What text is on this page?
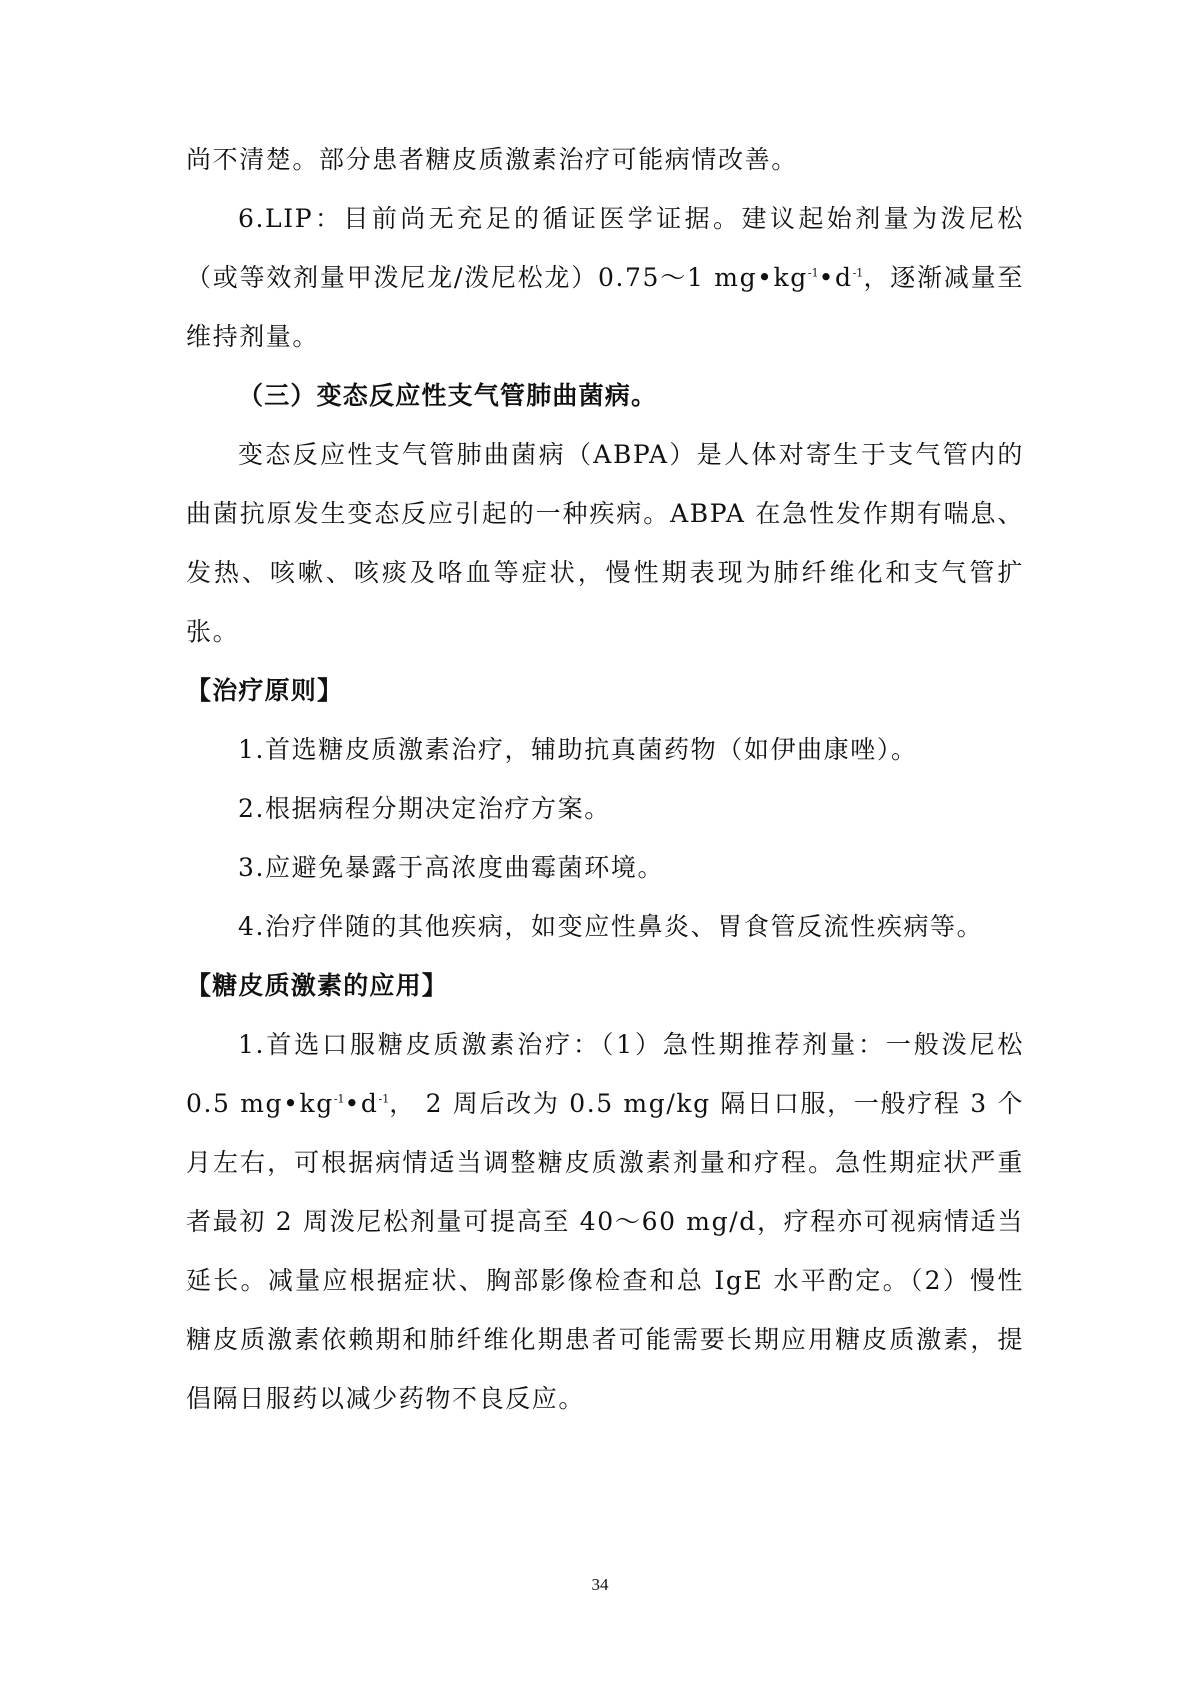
尚不清楚。部分患者糖皮质激素治疗可能病情改善。

6.LIP：目前尚无充足的循证医学证据。建议起始剂量为泼尼松（或等效剂量甲泼尼龙/泼尼松龙）0.75～1 $mg•kg^{-1}•d^{-1}$，逐渐减量至维持剂量。

（三）变态反应性支气管肺曲菌病。

变态反应性支气管肺曲菌病（ABPA）是人体对寄生于支气管内的曲菌抗原发生变态反应引起的一种疾病。ABPA 在急性发作期有喘息、发热、咳嗽、咳痰及咯血等症状，慢性期表现为肺纤维化和支气管扩张。

【治疗原则】

1.首选糖皮质激素治疗，辅助抗真菌药物（如伊曲康唑）。

2.根据病程分期决定治疗方案。

3.应避免暴露于高浓度曲霉菌环境。

4.治疗伴随的其他疾病，如变应性鼻炎、胃食管反流性疾病等。

【糖皮质激素的应用】

1.首选口服糖皮质激素治疗：（1）急性期推荐剂量：一般泼尼松 0.5 $mg•kg^{-1}•d^{-1}$， 2 周后改为 0.5 mg/kg 隔日口服，一般疗程 3 个月左右，可根据病情适当调整糖皮质激素剂量和疗程。急性期症状严重者最初 2 周泼尼松剂量可提高至 40～60 mg/d，疗程亦可视病情适当延长。减量应根据症状、胸部影像检查和总 IgE 水平酌定。（2）慢性糖皮质激素依赖期和肺纤维化期患者可能需要长期应用糖皮质激素，提倡隔日服药以减少药物不良反应。

34
